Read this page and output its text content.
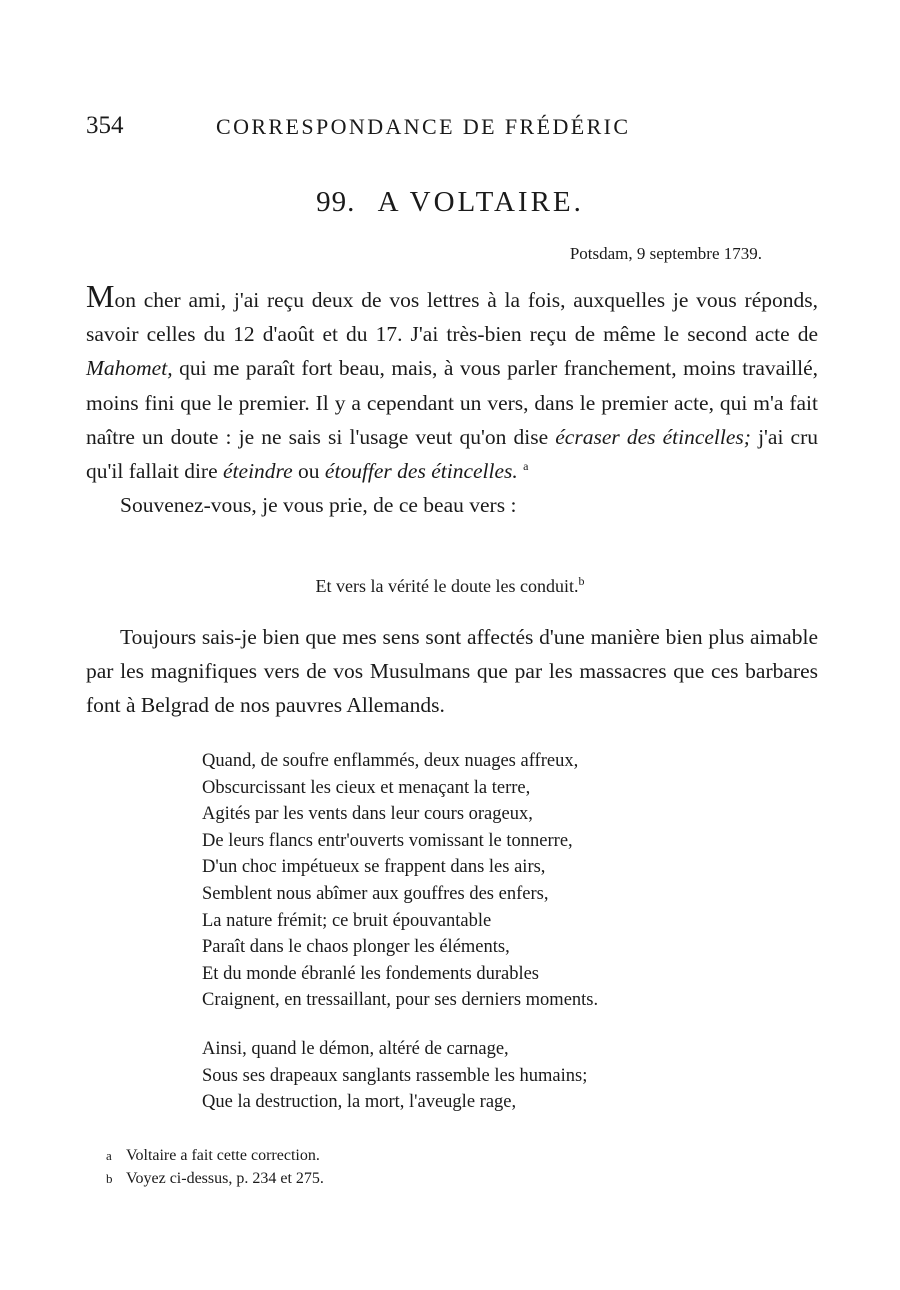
354	CORRESPONDANCE DE FRÉDÉRIC
99. A VOLTAIRE.
Potsdam, 9 septembre 1739.

Mon cher ami, j'ai reçu deux de vos lettres à la fois, auxquelles je vous réponds, savoir celles du 12 d'août et du 17. J'ai très-bien reçu de même le second acte de Mahomet, qui me paraît fort beau, mais, à vous parler franchement, moins travaillé, moins fini que le premier. Il y a cependant un vers, dans le premier acte, qui m'a fait naître un doute : je ne sais si l'usage veut qu'on dise écraser des étincelles; j'ai cru qu'il fallait dire éteindre ou étouffer des étincelles. $^a$

Souvenez-vous, je vous prie, de ce beau vers :

Et vers la vérité le doute les conduit.$^b$

Toujours sais-je bien que mes sens sont affectés d'une manière bien plus aimable par les magnifiques vers de vos Musulmans que par les massacres que ces barbares font à Belgrad de nos pauvres Allemands.

Quand, de soufre enflammés, deux nuages affreux,
Obscurcissant les cieux et menaçant la terre,
Agités par les vents dans leur cours orageux,
De leurs flancs entr'ouverts vomissant le tonnerre,
D'un choc impétueux se frappent dans les airs,
Semblent nous abîmer aux gouffres des enfers,
La nature frémit; ce bruit épouvantable
Paraît dans le chaos plonger les éléments,
Et du monde ébranlé les fondements durables
Craignent, en tressaillant, pour ses derniers moments.
Ainsi, quand le démon, altéré de carnage,
Sous ses drapeaux sanglants rassemble les humains;
Que la destruction, la mort, l'aveugle rage,
a Voltaire a fait cette correction.
b Voyez ci-dessus, p. 234 et 275.
